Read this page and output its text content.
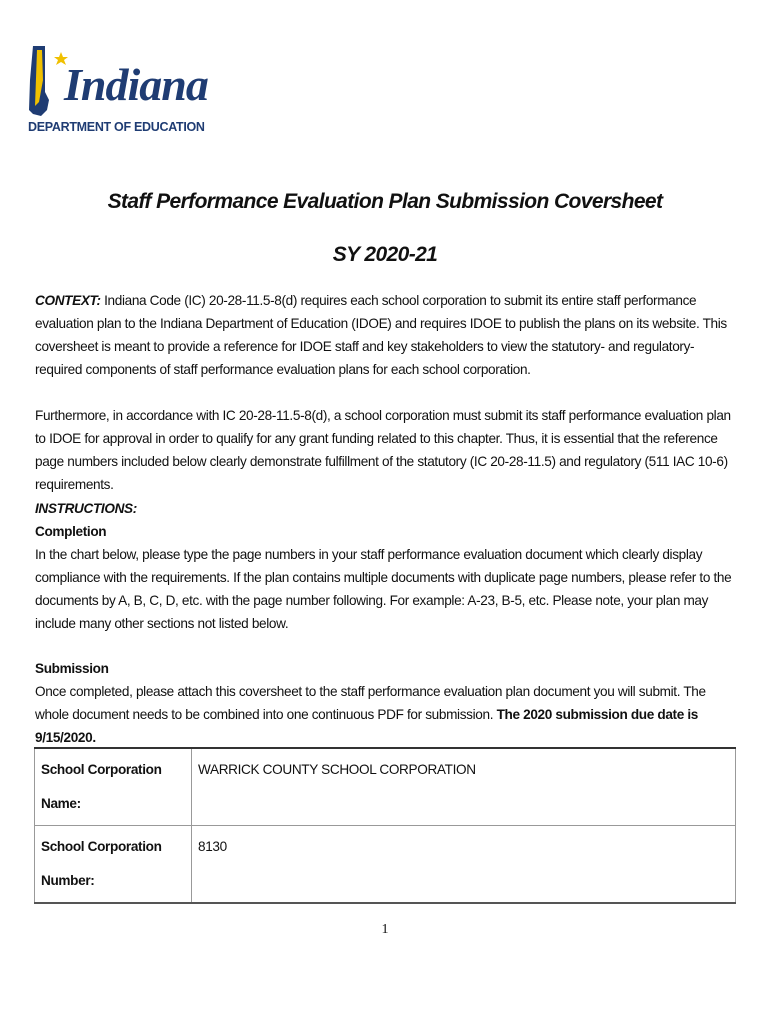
Indiana
DEPARTMENT OF EDUCATION
Staff Performance Evaluation Plan Submission Coversheet
SY 2020-21
CONTEXT: Indiana Code (IC) 20-28-11.5-8(d) requires each school corporation to submit its entire staff performance evaluation plan to the Indiana Department of Education (IDOE) and requires IDOE to publish the plans on its website. This coversheet is meant to provide a reference for IDOE staff and key stakeholders to view the statutory- and regulatory-required components of staff performance evaluation plans for each school corporation.
Furthermore, in accordance with IC 20-28-11.5-8(d), a school corporation must submit its staff performance evaluation plan to IDOE for approval in order to qualify for any grant funding related to this chapter. Thus, it is essential that the reference page numbers included below clearly demonstrate fulfillment of the statutory (IC 20-28-11.5) and regulatory (511 IAC 10-6) requirements.
INSTRUCTIONS:
Completion
In the chart below, please type the page numbers in your staff performance evaluation document which clearly display compliance with the requirements. If the plan contains multiple documents with duplicate page numbers, please refer to the documents by A, B, C, D, etc. with the page number following. For example: A-23, B-5, etc. Please note, your plan may include many other sections not listed below.
Submission
Once completed, please attach this coversheet to the staff performance evaluation plan document you will submit. The whole document needs to be combined into one continuous PDF for submission. The 2020 submission due date is 9/15/2020.
School Corporation
Name:	WARRICK COUNTY SCHOOL CORPORATION

School Corporation
Number:	8130
1
